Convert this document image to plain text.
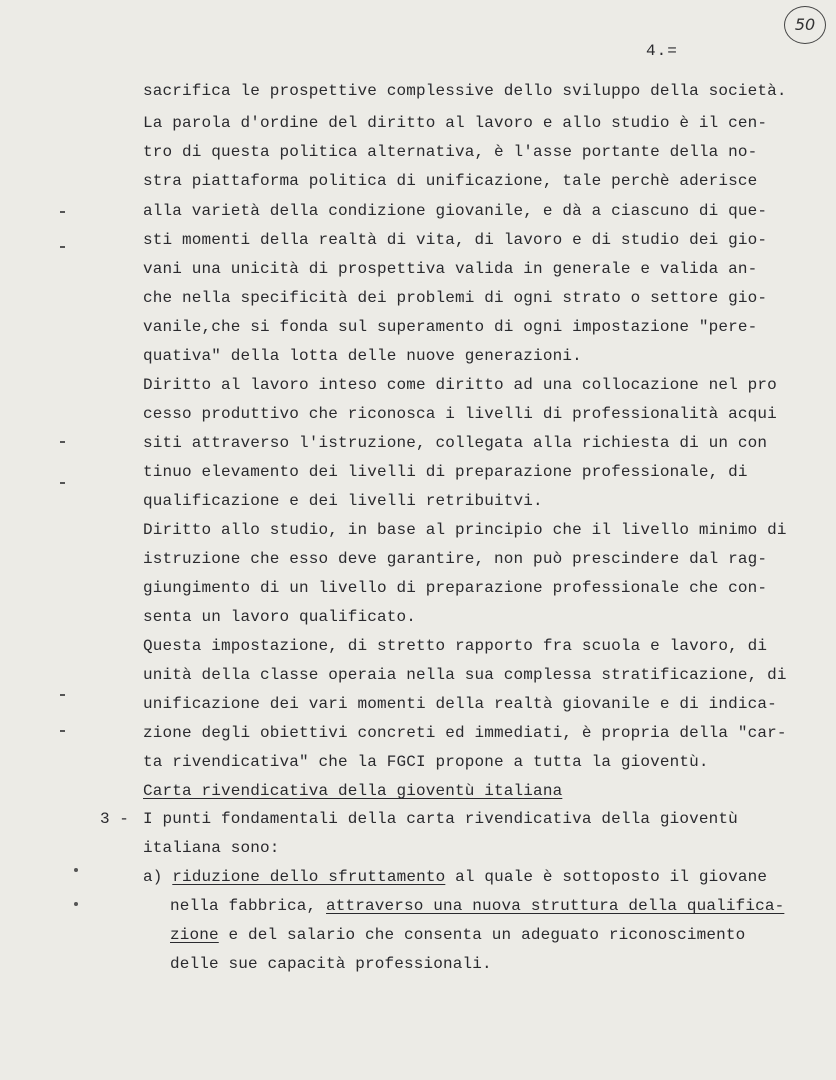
50
4.=
sacrifica le prospettive complessive dello sviluppo della società.
La parola d'ordine del diritto al lavoro e allo studio è il cen-
tro di questa politica alternativa, è l'asse portante della no-
stra piattaforma politica di unificazione, tale perchè aderisce
alla varietà della condizione giovanile, e dà a ciascuno di que-
sti momenti della realtà di vita, di lavoro e di studio dei gio-
vani una unicità di prospettiva valida in generale e valida an-
che nella specificità dei problemi di ogni strato o settore gio-
vanile,che si fonda sul superamento di ogni impostazione "pere-
quativa" della lotta delle nuove generazioni.
Diritto al lavoro inteso come diritto ad una collocazione nel pro
cesso produttivo che riconosca i livelli di professionalità acqui
siti attraverso l'istruzione, collegata alla richiesta di un con
tinuo elevamento dei livelli di preparazione professionale, di
qualificazione e dei livelli retribuitvi.
Diritto allo studio, in base al principio che il livello minimo di
istruzione che esso deve garantire, non può prescindere dal rag-
giungimento di un livello di preparazione professionale che con-
senta un lavoro qualificato.
Questa impostazione, di stretto rapporto fra scuola e lavoro, di
unità della classe operaia nella sua complessa stratificazione, di
unificazione dei vari momenti della realtà giovanile e di indica-
zione degli obiettivi concreti ed immediati, è propria della "car-
ta rivendicativa" che la FGCI propone a tutta la gioventù.
Carta rivendicativa della gioventù italiana
3 - I punti fondamentali della carta rivendicativa della gioventù
italiana sono:
a) riduzione dello sfruttamento al quale è sottoposto il giovane
nella fabbrica, attraverso una nuova struttura della qualifica-
zione e del salario che consenta un adeguato riconoscimento
delle sue capacità professionali.
